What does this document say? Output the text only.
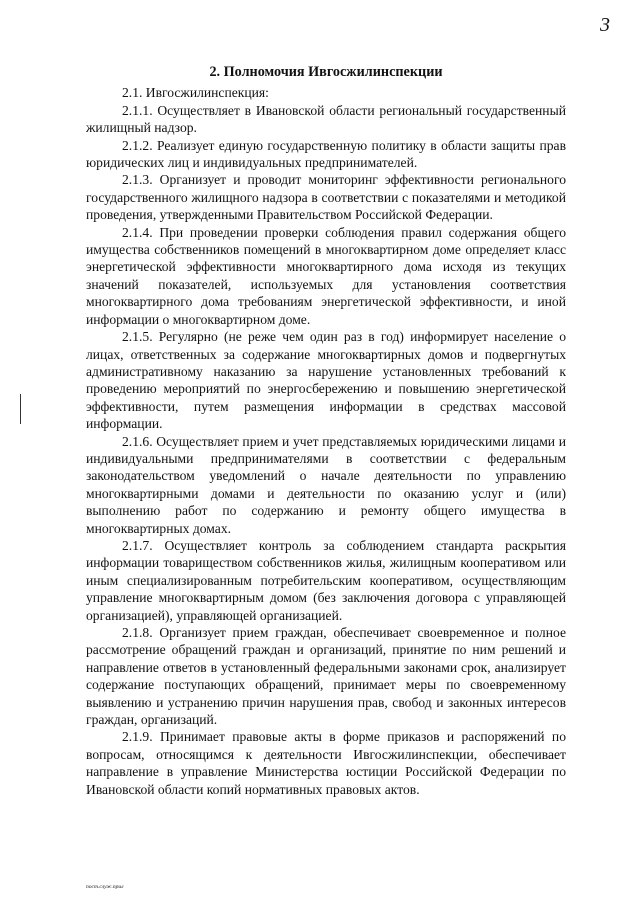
3

2. Полномочия Ивгосжилинспекции

2.1. Ивгосжилинспекция:

2.1.1. Осуществляет в Ивановской области региональный государственный жилищный надзор.

2.1.2. Реализует единую государственную политику в области защиты прав юридических лиц и индивидуальных предпринимателей.

2.1.3. Организует и проводит мониторинг эффективности регионального государственного жилищного надзора в соответствии с показателями и методикой проведения, утвержденными Правительством Российской Федерации.

2.1.4. При проведении проверки соблюдения правил содержания общего имущества собственников помещений в многоквартирном доме определяет класс энергетической эффективности многоквартирного дома исходя из текущих значений показателей, используемых для установления соответствия многоквартирного дома требованиям энергетической эффективности, и иной информации о многоквартирном доме.

2.1.5. Регулярно (не реже чем один раз в год) информирует население о лицах, ответственных за содержание многоквартирных домов и подвергнутых административному наказанию за нарушение установленных требований к проведению мероприятий по энергосбережению и повышению энергетической эффективности, путем размещения информации в средствах массовой информации.

2.1.6. Осуществляет прием и учет представляемых юридическими лицами и индивидуальными предпринимателями в соответствии с федеральным законодательством уведомлений о начале деятельности по управлению многоквартирными домами и деятельности по оказанию услуг и (или) выполнению работ по содержанию и ремонту общего имущества в многоквартирных домах.

2.1.7. Осуществляет контроль за соблюдением стандарта раскрытия информации товариществом собственников жилья, жилищным кооперативом или иным специализированным потребительским кооперативом, осуществляющим управление многоквартирным домом (без заключения договора с управляющей организацией), управляющей организацией.

2.1.8. Организует прием граждан, обеспечивает своевременное и полное рассмотрение обращений граждан и организаций, принятие по ним решений и направление ответов в установленный федеральными законами срок, анализирует содержание поступающих обращений, принимает меры по своевременному выявлению и устранению причин нарушения прав, свобод и законных интересов граждан, организаций.

2.1.9. Принимает правовые акты в форме приказов и распоряжений по вопросам, относящимся к деятельности Ивгосжилинспекции, обеспечивает направление в управление Министерства юстиции Российской Федерации по Ивановской области копий нормативных правовых актов.

пост.служ.прил
